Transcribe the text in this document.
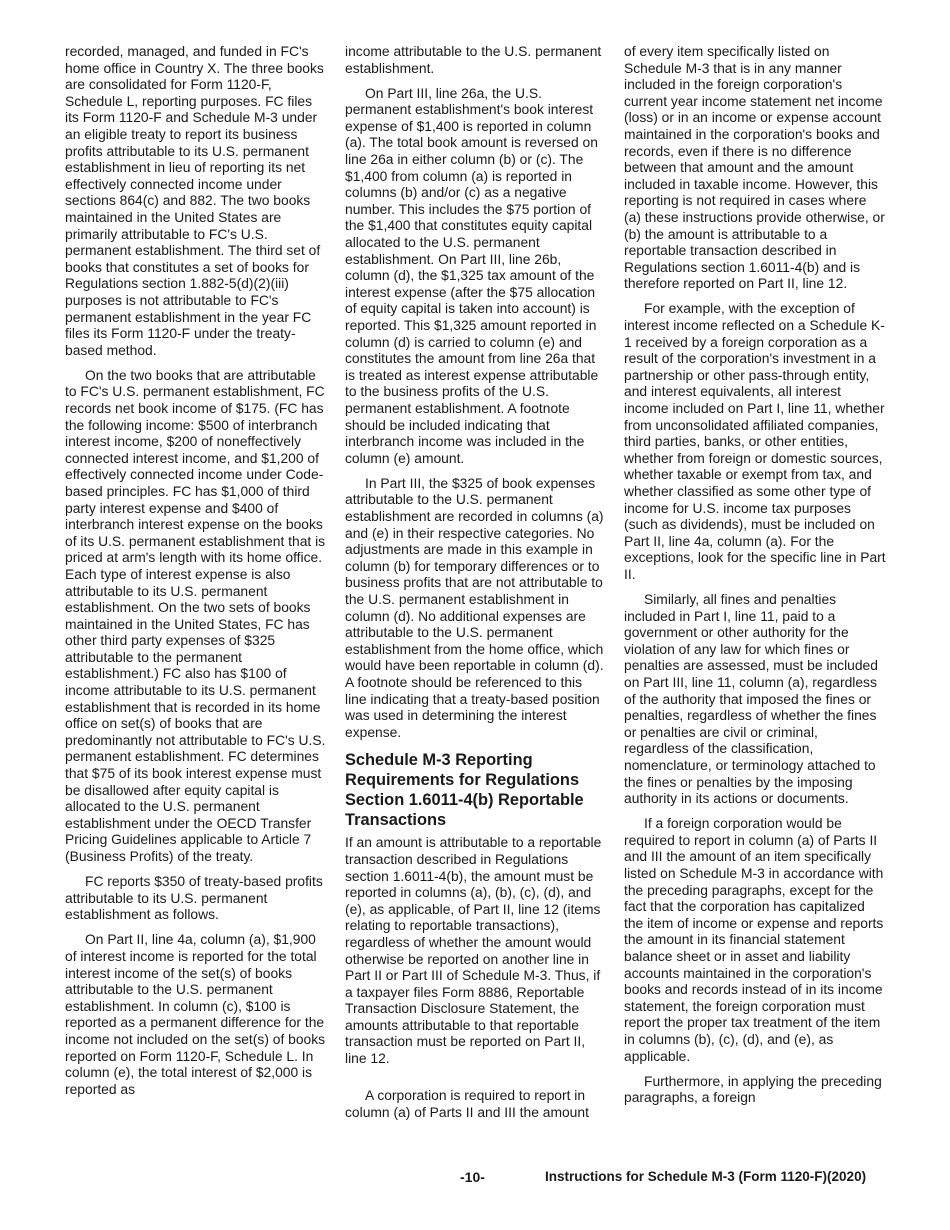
recorded, managed, and funded in FC's home office in Country X. The three books are consolidated for Form 1120-F, Schedule L, reporting purposes. FC files its Form 1120-F and Schedule M-3 under an eligible treaty to report its business profits attributable to its U.S. permanent establishment in lieu of reporting its net effectively connected income under sections 864(c) and 882. The two books maintained in the United States are primarily attributable to FC's U.S. permanent establishment. The third set of books that constitutes a set of books for Regulations section 1.882-5(d)(2)(iii) purposes is not attributable to FC's permanent establishment in the year FC files its Form 1120-F under the treaty-based method.

On the two books that are attributable to FC's U.S. permanent establishment, FC records net book income of $175. (FC has the following income: $500 of interbranch interest income, $200 of noneffectively connected interest income, and $1,200 of effectively connected income under Code-based principles. FC has $1,000 of third party interest expense and $400 of interbranch interest expense on the books of its U.S. permanent establishment that is priced at arm's length with its home office. Each type of interest expense is also attributable to its U.S. permanent establishment. On the two sets of books maintained in the United States, FC has other third party expenses of $325 attributable to the permanent establishment.) FC also has $100 of income attributable to its U.S. permanent establishment that is recorded in its home office on set(s) of books that are predominantly not attributable to FC's U.S. permanent establishment. FC determines that $75 of its book interest expense must be disallowed after equity capital is allocated to the U.S. permanent establishment under the OECD Transfer Pricing Guidelines applicable to Article 7 (Business Profits) of the treaty.

FC reports $350 of treaty-based profits attributable to its U.S. permanent establishment as follows.

On Part II, line 4a, column (a), $1,900 of interest income is reported for the total interest income of the set(s) of books attributable to the U.S. permanent establishment. In column (c), $100 is reported as a permanent difference for the income not included on the set(s) of books reported on Form 1120-F, Schedule L. In column (e), the total interest of $2,000 is reported as

income attributable to the U.S. permanent establishment.

On Part III, line 26a, the U.S. permanent establishment's book interest expense of $1,400 is reported in column (a). The total book amount is reversed on line 26a in either column (b) or (c). The $1,400 from column (a) is reported in columns (b) and/or (c) as a negative number. This includes the $75 portion of the $1,400 that constitutes equity capital allocated to the U.S. permanent establishment. On Part III, line 26b, column (d), the $1,325 tax amount of the interest expense (after the $75 allocation of equity capital is taken into account) is reported. This $1,325 amount reported in column (d) is carried to column (e) and constitutes the amount from line 26a that is treated as interest expense attributable to the business profits of the U.S. permanent establishment. A footnote should be included indicating that interbranch income was included in the column (e) amount.

In Part III, the $325 of book expenses attributable to the U.S. permanent establishment are recorded in columns (a) and (e) in their respective categories. No adjustments are made in this example in column (b) for temporary differences or to business profits that are not attributable to the U.S. permanent establishment in column (d). No additional expenses are attributable to the U.S. permanent establishment from the home office, which would have been reportable in column (d). A footnote should be referenced to this line indicating that a treaty-based position was used in determining the interest expense.

Schedule M-3 Reporting Requirements for Regulations Section 1.6011-4(b) Reportable Transactions

If an amount is attributable to a reportable transaction described in Regulations section 1.6011-4(b), the amount must be reported in columns (a), (b), (c), (d), and (e), as applicable, of Part II, line 12 (items relating to reportable transactions), regardless of whether the amount would otherwise be reported on another line in Part II or Part III of Schedule M-3. Thus, if a taxpayer files Form 8886, Reportable Transaction Disclosure Statement, the amounts attributable to that reportable transaction must be reported on Part II, line 12.

A corporation is required to report in column (a) of Parts II and III the amount

of every item specifically listed on Schedule M-3 that is in any manner included in the foreign corporation's current year income statement net income (loss) or in an income or expense account maintained in the corporation's books and records, even if there is no difference between that amount and the amount included in taxable income. However, this reporting is not required in cases where (a) these instructions provide otherwise, or (b) the amount is attributable to a reportable transaction described in Regulations section 1.6011-4(b) and is therefore reported on Part II, line 12.

For example, with the exception of interest income reflected on a Schedule K-1 received by a foreign corporation as a result of the corporation's investment in a partnership or other pass-through entity, and interest equivalents, all interest income included on Part I, line 11, whether from unconsolidated affiliated companies, third parties, banks, or other entities, whether from foreign or domestic sources, whether taxable or exempt from tax, and whether classified as some other type of income for U.S. income tax purposes (such as dividends), must be included on Part II, line 4a, column (a). For the exceptions, look for the specific line in Part II.

Similarly, all fines and penalties included in Part I, line 11, paid to a government or other authority for the violation of any law for which fines or penalties are assessed, must be included on Part III, line 11, column (a), regardless of the authority that imposed the fines or penalties, regardless of whether the fines or penalties are civil or criminal, regardless of the classification, nomenclature, or terminology attached to the fines or penalties by the imposing authority in its actions or documents.

If a foreign corporation would be required to report in column (a) of Parts II and III the amount of an item specifically listed on Schedule M-3 in accordance with the preceding paragraphs, except for the fact that the corporation has capitalized the item of income or expense and reports the amount in its financial statement balance sheet or in asset and liability accounts maintained in the corporation's books and records instead of in its income statement, the foreign corporation must report the proper tax treatment of the item in columns (b), (c), (d), and (e), as applicable.

Furthermore, in applying the preceding paragraphs, a foreign

-10-	Instructions for Schedule M-3 (Form 1120-F)(2020)
